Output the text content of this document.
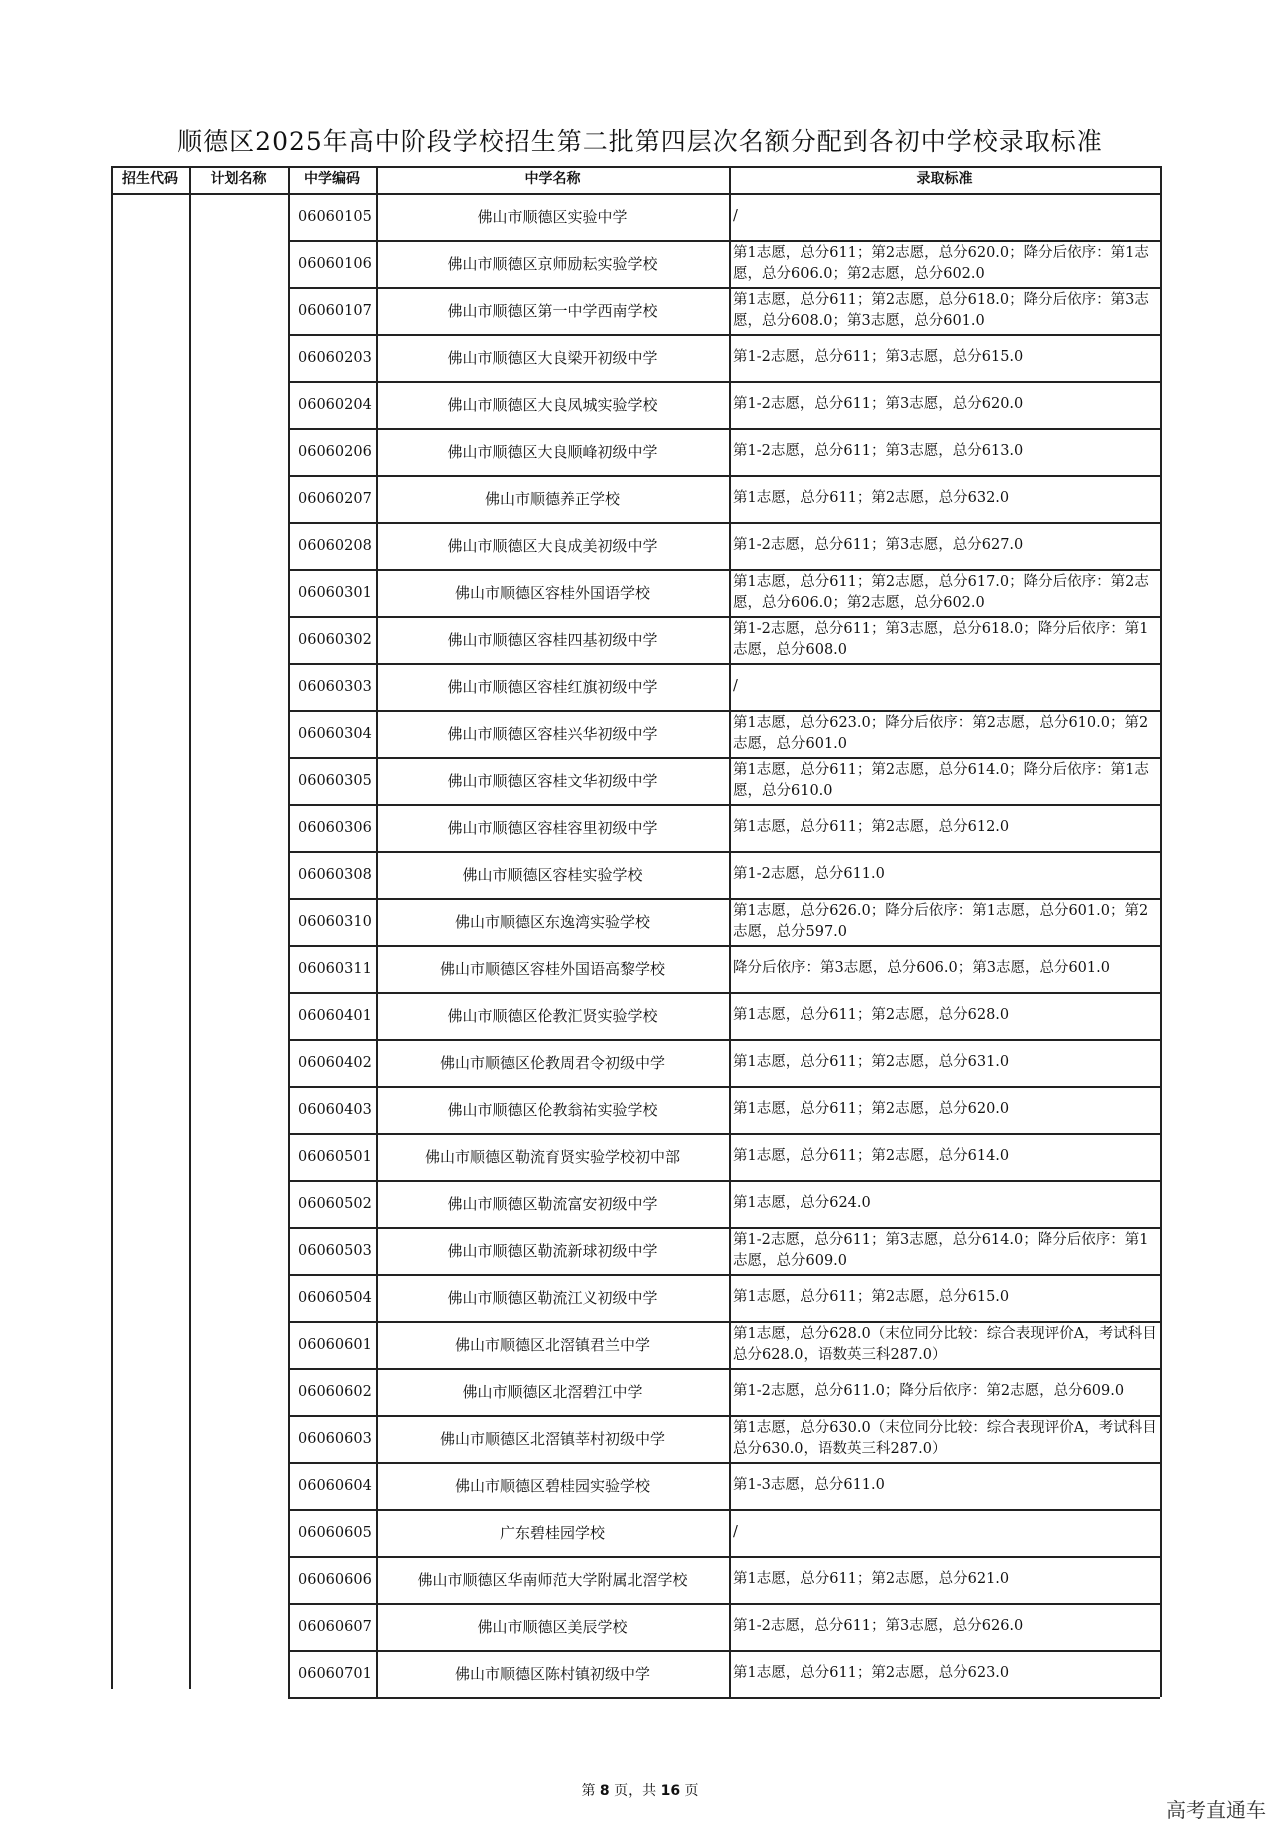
顺德区2025年高中阶段学校招生第二批第四层次名额分配到各初中学校录取标准
招生代码	计划名称	中学编码	中学名称	录取标准
06060105	佛山市顺德区实验中学	/
06060106	佛山市顺德区京师励耘实验学校
第1志愿，总分611；第2志愿，总分620.0；降分后依序：第1志愿，总分606.0；第2志愿，总分602.0
06060107	佛山市顺德区第一中学西南学校
第1志愿，总分611；第2志愿，总分618.0；降分后依序：第3志愿，总分608.0；第3志愿，总分601.0
06060203	佛山市顺德区大良梁开初级中学	第1-2志愿，总分611；第3志愿，总分615.0
06060204	佛山市顺德区大良凤城实验学校	第1-2志愿，总分611；第3志愿，总分620.0
06060206	佛山市顺德区大良顺峰初级中学	第1-2志愿，总分611；第3志愿，总分613.0
06060207	佛山市顺德养正学校	第1志愿，总分611；第2志愿，总分632.0
06060208	佛山市顺德区大良成美初级中学	第1-2志愿，总分611；第3志愿，总分627.0
06060301	佛山市顺德区容桂外国语学校
第1志愿，总分611；第2志愿，总分617.0；降分后依序：第2志愿，总分606.0；第2志愿，总分602.0
06060302	佛山市顺德区容桂四基初级中学
第1-2志愿，总分611；第3志愿，总分618.0；降分后依序：第1志愿，总分608.0
06060303	佛山市顺德区容桂红旗初级中学	/
06060304	佛山市顺德区容桂兴华初级中学
第1志愿，总分623.0；降分后依序：第2志愿，总分610.0；第2志愿，总分601.0
06060305	佛山市顺德区容桂文华初级中学
第1志愿，总分611；第2志愿，总分614.0；降分后依序：第1志愿，总分610.0
06060306	佛山市顺德区容桂容里初级中学	第1志愿，总分611；第2志愿，总分612.0
06060308	佛山市顺德区容桂实验学校	第1-2志愿，总分611.0
06060310	佛山市顺德区东逸湾实验学校
第1志愿，总分626.0；降分后依序：第1志愿，总分601.0；第2志愿，总分597.0
06060311	佛山市顺德区容桂外国语高黎学校	降分后依序：第3志愿，总分606.0；第3志愿，总分601.0
06060401	佛山市顺德区伦教汇贤实验学校	第1志愿，总分611；第2志愿，总分628.0
06060402	佛山市顺德区伦教周君令初级中学	第1志愿，总分611；第2志愿，总分631.0
06060403	佛山市顺德区伦教翁祐实验学校	第1志愿，总分611；第2志愿，总分620.0
06060501	佛山市顺德区勒流育贤实验学校初中部	第1志愿，总分611；第2志愿，总分614.0
06060502	佛山市顺德区勒流富安初级中学	第1志愿，总分624.0
06060503	佛山市顺德区勒流新球初级中学
第1-2志愿，总分611；第3志愿，总分614.0；降分后依序：第1志愿，总分609.0
06060504	佛山市顺德区勒流江义初级中学	第1志愿，总分611；第2志愿，总分615.0
06060601	佛山市顺德区北滘镇君兰中学
第1志愿，总分628.0（末位同分比较：综合表现评价A，考试科目总分628.0，语数英三科287.0）
06060602	佛山市顺德区北滘碧江中学	第1-2志愿，总分611.0；降分后依序：第2志愿，总分609.0
06060603	佛山市顺德区北滘镇莘村初级中学
第1志愿，总分630.0（末位同分比较：综合表现评价A，考试科目总分630.0，语数英三科287.0）
06060604	佛山市顺德区碧桂园实验学校	第1-3志愿，总分611.0
06060605	广东碧桂园学校	/
06060606	佛山市顺德区华南师范大学附属北滘学校	第1志愿，总分611；第2志愿，总分621.0
06060607	佛山市顺德区美辰学校	第1-2志愿，总分611；第3志愿，总分626.0
06060701	佛山市顺德区陈村镇初级中学	第1志愿，总分611；第2志愿，总分623.0
第 8 页，共 16 页
高考直通车
